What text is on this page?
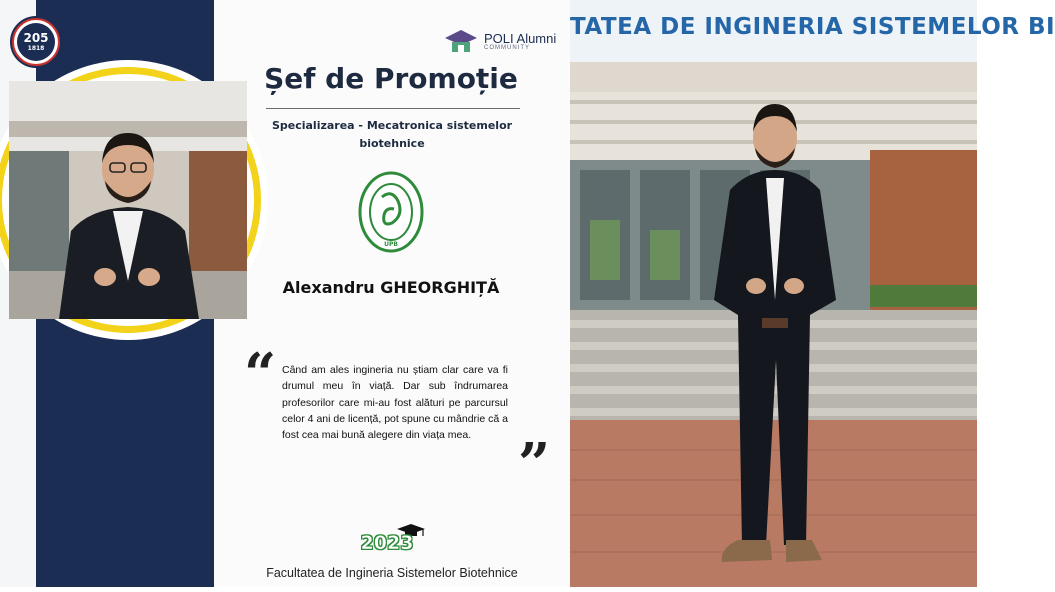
205
1818
POLI Alumni
COMMUNITY
Șef de Promoție
Specializarea - Mecatronica sistemelor biotehnice
UPB
Alexandru GHEORGHIȚĂ
“ Când am ales ingineria nu știam clar care va fi drumul meu în viață. Dar sub îndrumarea profesorilor care mi-au fost alături pe parcursul celor 4 ani de licență, pot spune cu mândrie că a fost cea mai bună alegere din viața mea. ”
2023
Facultatea de Ingineria Sistemelor Biotehnice
TATEA DE INGINERIA SISTEMELOR BI
